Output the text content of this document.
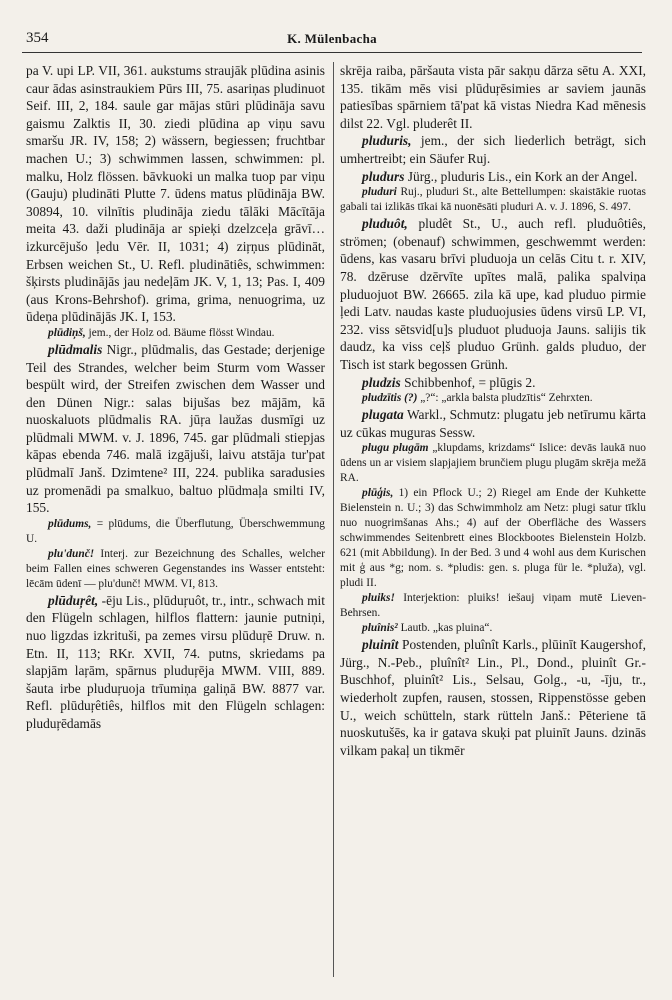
354	K. Mülenbacha
pa V. upi LP. VII, 361. aukstums straujāk plūdina asinis caur ādas asinstraukiem Pūrs III, 75. asariņas pludinuot Seif. III, 2, 184. saule gar mājas stūri plūdināja savu gaismu Zalktis II, 30. ziedi plūdina ap viņu savu smaršu JR. IV, 158; 2) wässern, begiessen; fruchtbar machen U.; 3) schwimmen lassen, schwimmen: pl. malku, Holz flössen. bāvkuoki un malka tuop par viņu (Gauju) pludināti Plutte 7. ūdens matus plūdināja BW. 30894, 10. vilnītis pludināja ziedu tālāki Mācītāja meita 43. daži pludināja ar spieķi dzelzceļa grāvī… izkurcējušo ļedu Vēr. II, 1031; 4) ziŗņus plūdināt, Erbsen weichen St., U. Refl. pludinātiês, schwimmen: šķirsts pludinājās jau nedeļām JK. V, 1, 13; Pas. I, 409 (aus Krons-Behrshof). grima, grima, nenuogrima, uz ūdeņa plūdinājās JK. I, 153.
plūdiņš, jem., der Holz od. Bäume flösst Windau.
plūdmalis Nigr., plūdmalis, das Gestade; derjenige Teil des Strandes, welcher beim Sturm vom Wasser bespült wird, der Streifen zwischen dem Wasser und den Dünen Nigr.: salas bijušas bez mājām, kā nuoskaluots plūdmalis RA. jūŗa laužas dusmīgi uz plūdmali MWM. v. J. 1896, 745. gar plūdmali stiepjas kāpas ebenda 746. malā izgājuši, laivu atstāja tur'pat plūdmalī Janš. Dzimtene² III, 224. publika saradusies uz promenādi pa smalkuo, baltuo plūdmaļa smilti IV, 155.
plūdums, = plūdums, die Überflutung, Überschwemmung U.
plu'dunč! Interj. zur Bezeichnung des Schalles, welcher beim Fallen eines schweren Gegenstandes ins Wasser entsteht: lēcām ūdenī — plu'dunč! MWM. VI, 813.
plūduŗêt, -ēju Lis., plūduŗuôt, tr., intr., schwach mit den Flügeln schlagen, hilflos flattern: jaunie putniņi, nuo ligzdas izkrituši, pa zemes virsu plūduŗē Druw. n. Etn. II, 113; RKr. XVII, 74. putns, skriedams pa slapjām laŗām, spārnus pluduŗēja MWM. VIII, 889. šauta irbe pluduŗuoja trīumiņa galiņā BW. 8877 var. Refl. plūduŗêtiês, hilflos mit den Flügeln schlagen: pluduŗēdamās
skrēja raiba, pāršauta vista pār sakņu dārza sētu A. XXI, 135. tikām mēs visi plūduŗēsimies ar saviem jaunās patiesības spārniem tā'pat kā vistas Niedra Kad mēnesis dilst 22. Vgl. pluderêt II.
pluduris, jem., der sich liederlich beträgt, sich umhertreibt; ein Säufer Ruj.
pludurs Jürg., pluduris Lis., ein Kork an der Angel.
pluduri Ruj., pluduri St., alte Bettellumpen: skaistākie ruotas gabali tai izlikās tīkai kā nuonēsāti pluduri A. v. J. 1896, S. 497.
pluduôt, pludêt St., U., auch refl. pluduôtiês, strömen; (obenauf) schwimmen, geschwemmt werden: ūdens, kas vasaru brīvi pluduoja un celās Citu t. r. XIV, 78. dzēruse dzērvīte upītes malā, palika spalviņa pluduojuot BW. 26665. zila kā upe, kad pluduo pirmie ļedi Latv. naudas kaste pluduojusies ūdens virsū LP. VI, 232. viss sētsvid[u]s pluduot pluduoja Jauns. salijis tik daudz, ka viss ceļš pluduo Grünh. galds pluduo, der Tisch ist stark begossen Grünh.
pludzis Schibbenhof, = plūgis 2.
pludzītis (?) „?“: „arkla balsta pludzītis“ Zehrxten.
plugata Warkl., Schmutz: plugatu jeb netīrumu kārta uz cūkas muguras Sessw.
plugu plugām „klupdams, krizdams“ Islice: devās laukā nuo ūdens un ar visiem slapjajiem brunčiem plugu plugām skrēja mežā RA.
plūģis, 1) ein Pflock U.; 2) Riegel am Ende der Kuhkette Bielenstein n. U.; 3) das Schwimmholz am Netz: plugi satur tīklu nuo nuogrimšanas Ahs.; 4) auf der Oberfläche des Wassers schwimmendes Seitenbrett eines Blockbootes Bielenstein Holzb. 621 (mit Abbildung). In der Bed. 3 und 4 wohl aus dem Kurischen mit ģ aus *g; nom. s. *pludis: gen. s. pluga für le. *pluža), vgl. pludi II.
pluiks! Interjektion: pluiks! iešauj viņam mutē Lieven-Behrsen.
pluînis² Lautb. „kas pluina“.
pluinît Postenden, pluînît Karls., plūinīt Kaugershof, Jürg., N.-Peb., pluînît² Lin., Pl., Dond., pluinît Gr.-Buschhof, pluinît² Lis., Selsau, Golg., -u, -īju, tr., wiederholt zupfen, rausen, stossen, Rippenstösse geben U., weich schütteln, stark rütteln Janš.: Pēteriene tā nuoskutušēs, ka ir gatava skuķi pat pluinīt Jauns. dzinās vilkam pakaļ un tikmēr
